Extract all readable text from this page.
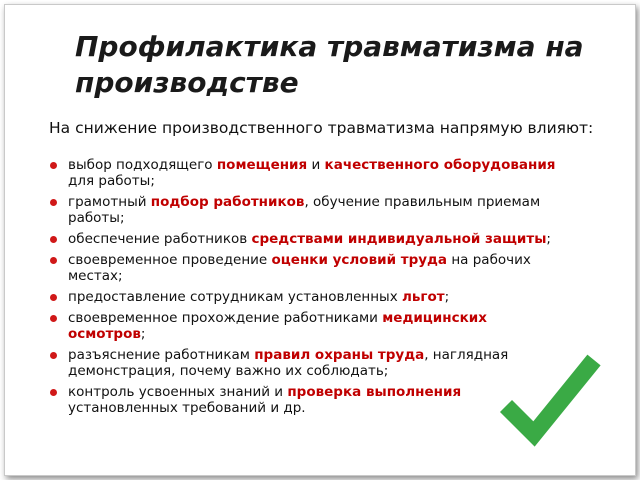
Профилактика травматизма на производстве

На снижение производственного травматизма напрямую влияют:

выбор подходящего помещения и качественного оборудования для работы;
грамотный подбор работников, обучение правильным приемам работы;
обеспечение работников средствами индивидуальной защиты;
своевременное проведение оценки условий труда на рабочих местах;
предоставление сотрудникам установленных льгот;
своевременное прохождение работниками медицинских осмотров;
разъяснение работникам правил охраны труда, наглядная демонстрация, почему важно их соблюдать;
контроль усвоенных знаний и проверка выполнения установленных требований и др.
